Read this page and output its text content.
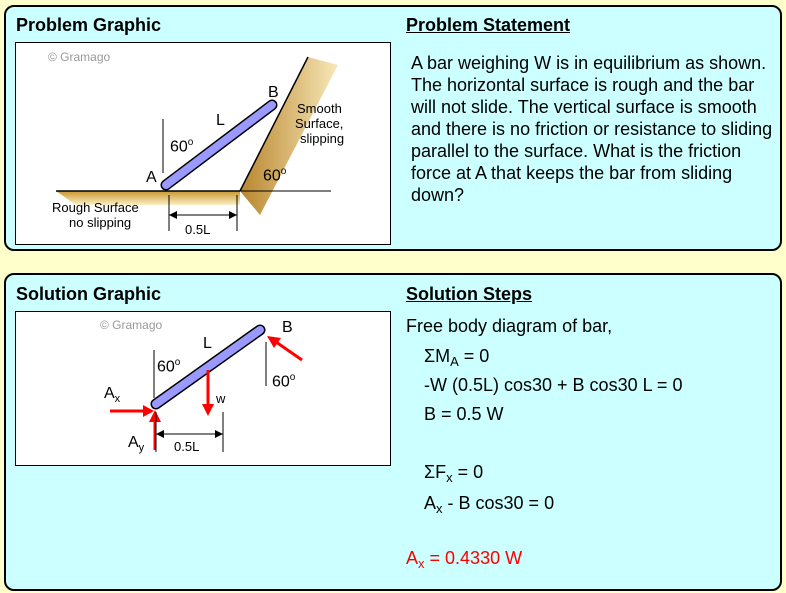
Problem Graphic	Problem Statement
© Gramago
B
L
A
60$^o$
60$^o$
Smooth
Surface,
slipping
Rough Surface
no slipping	0.5L
A bar weighing W is in equilibrium as shown. The horizontal surface is rough and the bar will not slide. The vertical surface is smooth and there is no friction or resistance to sliding parallel to the surface. What is the friction force at A that keeps the bar from sliding down?
Solution Graphic	Solution Steps
© Gramago	B
L
60$^o$
60$^o$
$A_x$
$A_y$
w
0.5L
Free body diagram of bar,
$\Sigma M_A = 0$
-W (0.5L) cos30 + B cos30 L = 0
B = 0.5 W
$\Sigma F_x = 0$
$A_x$ - B cos30 = 0
$A_x = 0.4330$ W
